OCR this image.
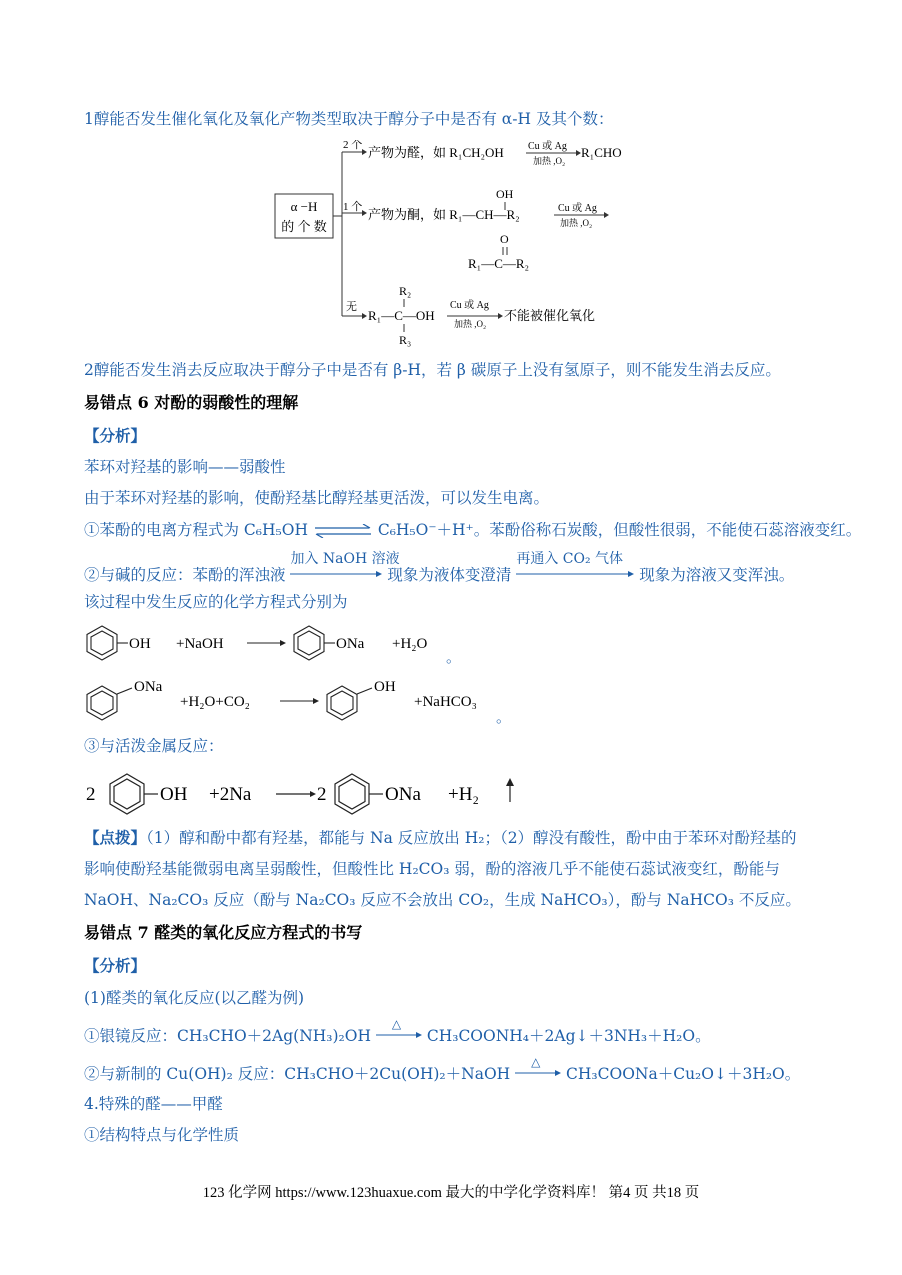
1醇能否发生催化氧化及氧化产物类型取决于醇分子中是否有 α-H 及其个数：
α −H
的 个 数
2 个 产物为醛，如 R₁CH₂OH Cu 或 Ag
加热 ,O₂
R₁CHO
1 个
OH
产物为酮，如 R₁—CH—R₂	Cu 或 Ag
加热 ,O₂
O
R₁—C—R₂
无
R₂
R₁—C—OH
R₃
Cu 或 Ag
加热 ,O₂
不能被催化氧化
2醇能否发生消去反应取决于醇分子中是否有 β-H，若 β 碳原子上没有氢原子，则不能发生消去反应。
易错点 6 对酚的弱酸性的理解
【分析】
苯环对羟基的影响——弱酸性
由于苯环对羟基的影响，使酚羟基比醇羟基更活泼，可以发生电离。
①苯酚的电离方程式为 C₆H₅OH ⇌ C₆H₅O⁻＋H⁺。苯酚俗称石炭酸，但酸性很弱，不能使石蕊溶液变红。
②与碱的反应：苯酚的浑浊液
加入 NaOH 溶液
现象为液体变澄清
再通入 CO₂ 气体
现象为溶液又变浑浊。
该过程中发生反应的化学方程式分别为
OH +NaOH	ONa +H₂O
。
ONa
+H₂O+CO₂
OH
+NaHCO₃
。
③与活泼金属反应：
2	OH +2Na	2	ONa +H₂
【点拨】（1）醇和酚中都有羟基，都能与 Na 反应放出 H₂；（2）醇没有酸性，酚中由于苯环对酚羟基的
影响使酚羟基能微弱电离呈弱酸性，但酸性比 H₂CO₃ 弱，酚的溶液几乎不能使石蕊试液变红，酚能与
NaOH、Na₂CO₃ 反应（酚与 Na₂CO₃ 反应不会放出 CO₂，生成 NaHCO₃），酚与 NaHCO₃ 不反应。
易错点 7 醛类的氧化反应方程式的书写
【分析】
(1)醛类的氧化反应(以乙醛为例)
①银镜反应：CH₃CHO＋2Ag(NH₃)₂OH
△
CH₃COONH₄＋2Ag↓＋3NH₃＋H₂O。
②与新制的 Cu(OH)₂ 反应：CH₃CHO＋2Cu(OH)₂＋NaOH
△
CH₃COONa＋Cu₂O↓＋3H₂O。
4.特殊的醛——甲醛
①结构特点与化学性质
123 化学网 https://www.123huaxue.com 最大的中学化学资料库！ 第4 页 共18 页
